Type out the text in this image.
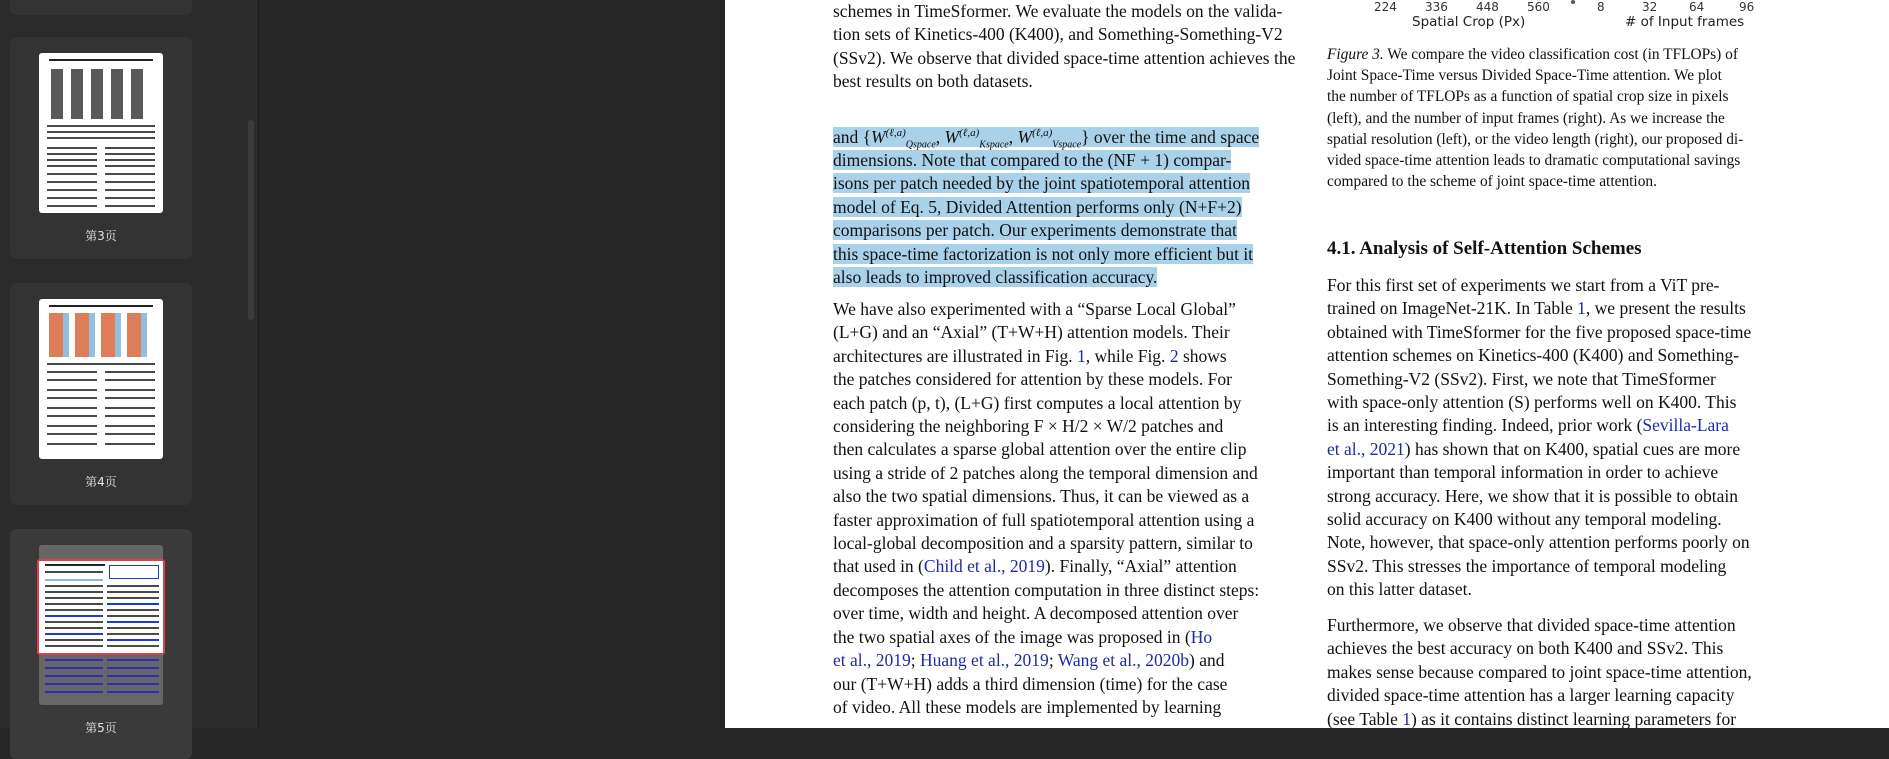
第3页
第4页
第5页
224 336 448 560	8	32	64	96
Spatial Crop (Px)	# of Input frames
schemes in TimeSformer. We evaluate the models on the valida-
tion sets of Kinetics-400 (K400), and Something-Something-V2
(SSv2). We observe that divided space-time attention achieves the
best results on both datasets.
and {$W^{(\ell,a)}_{Qspace}$, $W^{(\ell,a)}_{Kspace}$, $W^{(\ell,a)}_{Vspace}$} over the time and space
dimensions. Note that compared to the (NF + 1) compar-
isons per patch needed by the joint spatiotemporal attention
model of Eq. 5, Divided Attention performs only (N+F+2)
comparisons per patch. Our experiments demonstrate that
this space-time factorization is not only more efficient but it
also leads to improved classification accuracy.
We have also experimented with a “Sparse Local Global”
(L+G) and an “Axial” (T+W+H) attention models. Their
architectures are illustrated in Fig. 1, while Fig. 2 shows
the patches considered for attention by these models. For
each patch (p, t), (L+G) first computes a local attention by
considering the neighboring F × H/2 × W/2 patches and
then calculates a sparse global attention over the entire clip
using a stride of 2 patches along the temporal dimension and
also the two spatial dimensions. Thus, it can be viewed as a
faster approximation of full spatiotemporal attention using a
local-global decomposition and a sparsity pattern, similar to
that used in (Child et al., 2019). Finally, “Axial” attention
decomposes the attention computation in three distinct steps:
over time, width and height. A decomposed attention over
the two spatial axes of the image was proposed in (Ho
et al., 2019; Huang et al., 2019; Wang et al., 2020b) and
our (T+W+H) adds a third dimension (time) for the case
of video. All these models are implemented by learning
Figure 3. We compare the video classification cost (in TFLOPs) of
Joint Space-Time versus Divided Space-Time attention. We plot
the number of TFLOPs as a function of spatial crop size in pixels
(left), and the number of input frames (right). As we increase the
spatial resolution (left), or the video length (right), our proposed di-
vided space-time attention leads to dramatic computational savings
compared to the scheme of joint space-time attention.
4.1. Analysis of Self-Attention Schemes
For this first set of experiments we start from a ViT pre-
trained on ImageNet-21K. In Table 1, we present the results
obtained with TimeSformer for the five proposed space-time
attention schemes on Kinetics-400 (K400) and Something-
Something-V2 (SSv2). First, we note that TimeSformer
with space-only attention (S) performs well on K400. This
is an interesting finding. Indeed, prior work (Sevilla-Lara
et al., 2021) has shown that on K400, spatial cues are more
important than temporal information in order to achieve
strong accuracy. Here, we show that it is possible to obtain
solid accuracy on K400 without any temporal modeling.
Note, however, that space-only attention performs poorly on
SSv2. This stresses the importance of temporal modeling
on this latter dataset.
Furthermore, we observe that divided space-time attention
achieves the best accuracy on both K400 and SSv2. This
makes sense because compared to joint space-time attention,
divided space-time attention has a larger learning capacity
(see Table 1) as it contains distinct learning parameters for
